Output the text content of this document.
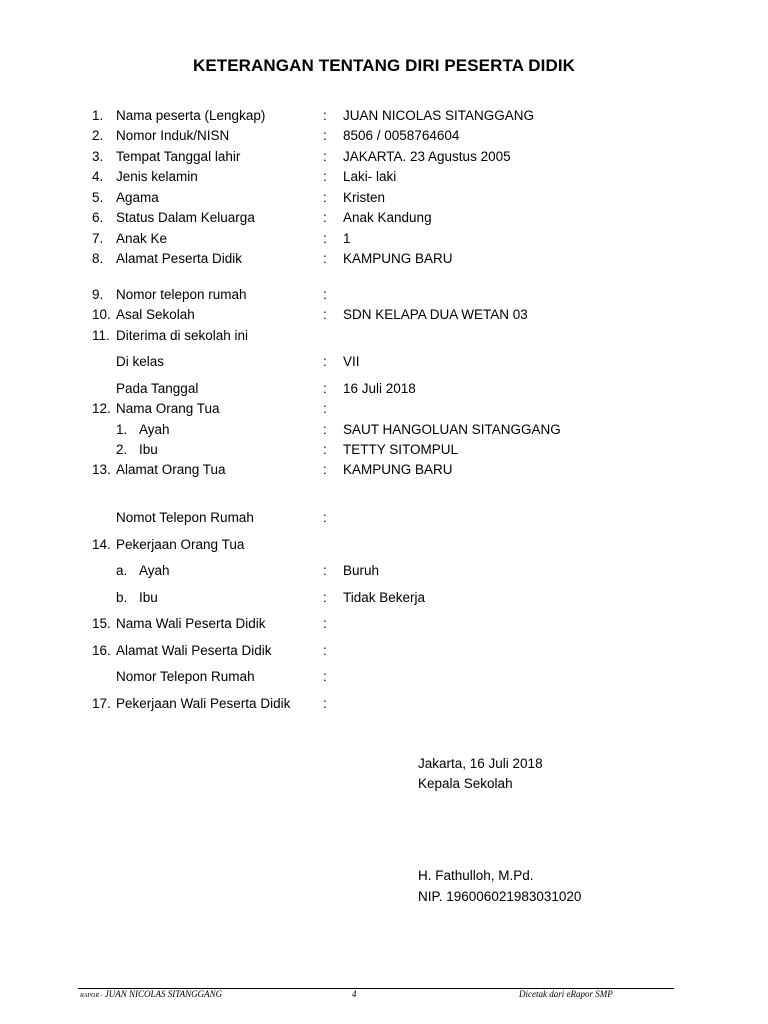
KETERANGAN TENTANG DIRI PESERTA DIDIK
1. Nama peserta (Lengkap)	: JUAN NICOLAS SITANGGANG
2. Nomor Induk/NISN	: 8506 / 0058764604
3. Tempat Tanggal lahir	: JAKARTA. 23 Agustus 2005
4. Jenis kelamin	: Laki- laki
5. Agama	: Kristen
6. Status Dalam Keluarga	: Anak Kandung
7. Anak Ke	: 1
8. Alamat Peserta Didik	: KAMPUNG BARU
9. Nomor telepon rumah	:
10. Asal Sekolah	: SDN KELAPA DUA WETAN 03
11. Diterima di sekolah ini
Di kelas	: VII
Pada Tanggal	: 16 Juli 2018
12. Nama Orang Tua	:
1. Ayah	: SAUT HANGOLUAN SITANGGANG
2. Ibu	: TETTY SITOMPUL
13. Alamat Orang Tua	: KAMPUNG BARU
Nomot Telepon Rumah	:
14. Pekerjaan Orang Tua
a. Ayah	: Buruh
b. Ibu	: Tidak Bekerja
15. Nama Wali Peserta Didik	:
16. Alamat Wali Peserta Didik	:
Nomor Telepon Rumah	:
17. Pekerjaan Wali Peserta Didik :
Jakarta, 16 Juli 2018
Kepala Sekolah
H. Fathulloh, M.Pd.
NIP. 196006021983031020
RAPOR - JUAN NICOLAS SITANGGANG	4	Dicetak dari eRapor SMP
